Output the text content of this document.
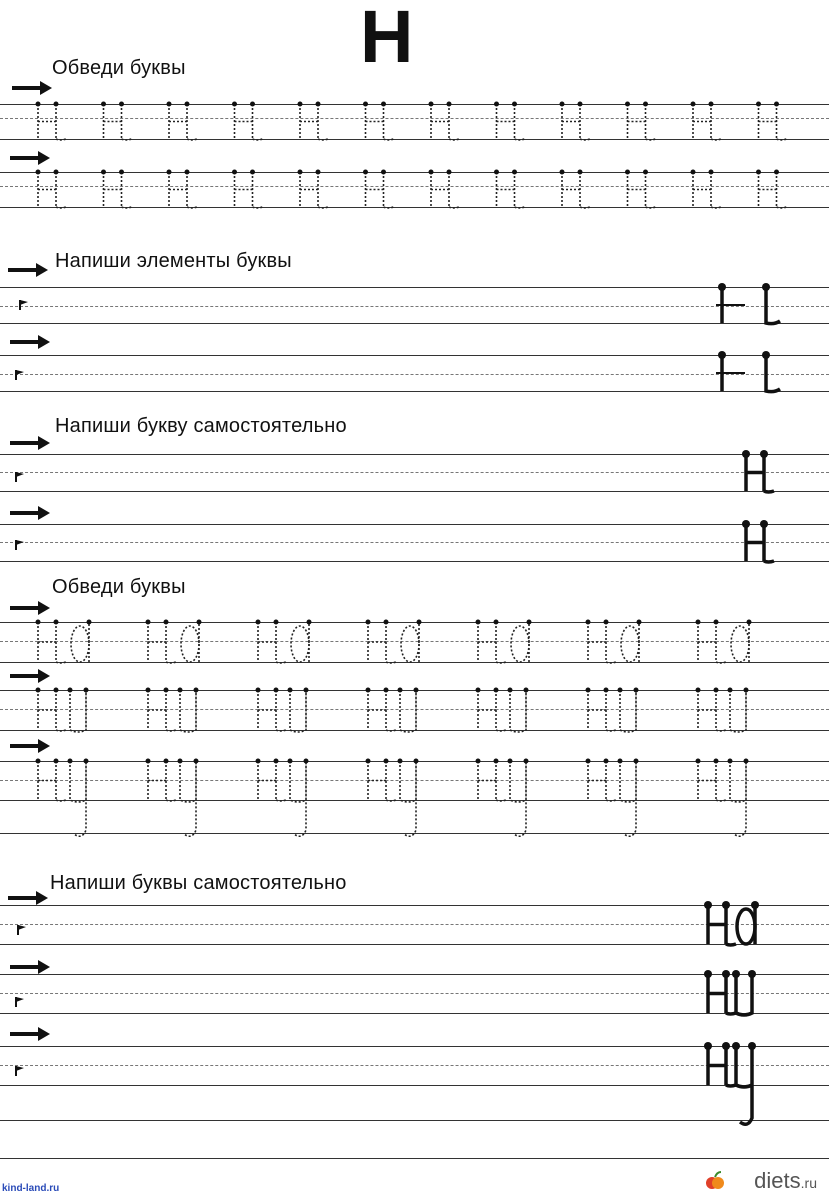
Н
Обведи буквы
Напиши элементы буквы
Напиши букву самостоятельно
Обведи буквы
Напиши буквы самостоятельно
kind-land.ru	diets.ru
